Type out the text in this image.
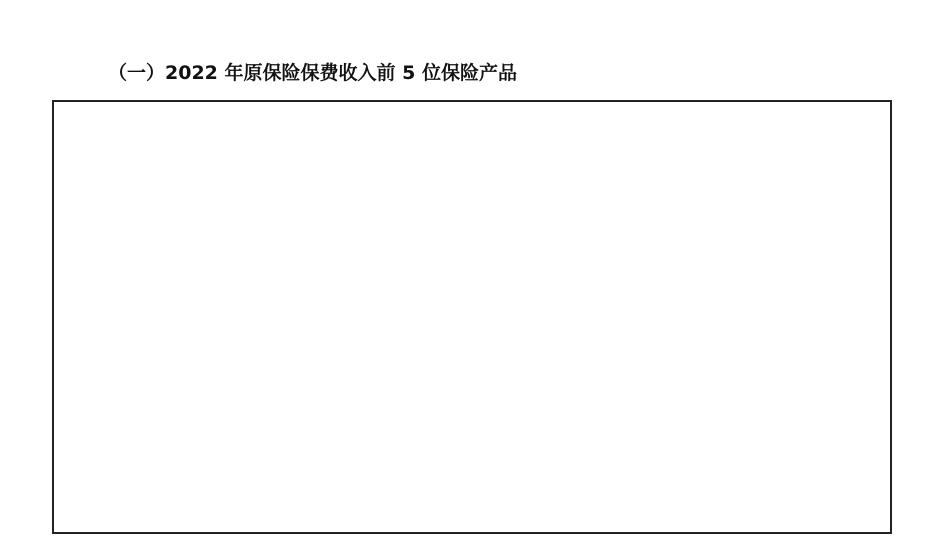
（一）2022 年原保险保费收入前 5 位保险产品
